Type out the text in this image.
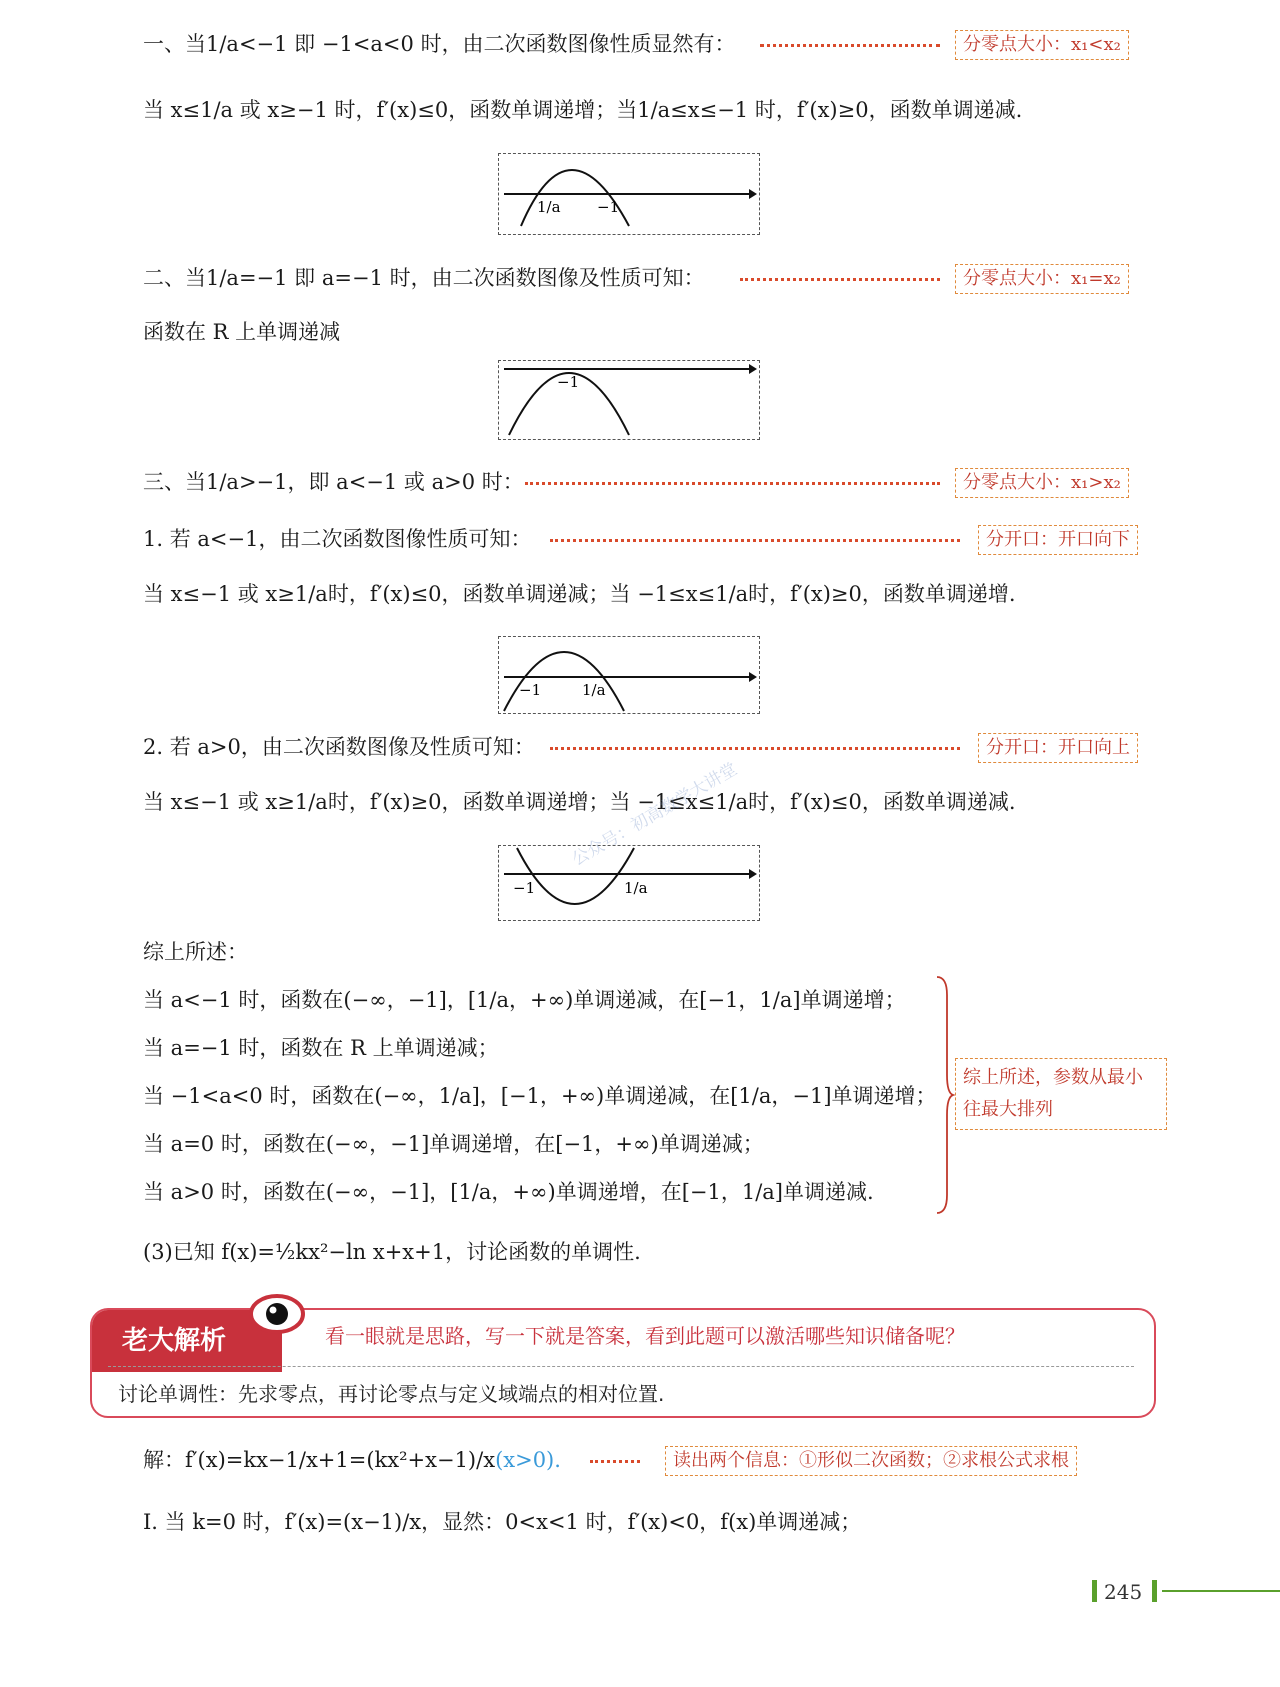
一、当1/a<−1 即 −1<a<0 时，由二次函数图像性质显然有：	分零点大小：x₁<x₂
当 x≤1/a 或 x≥−1 时，f′(x)≤0，函数单调递增；当1/a≤x≤−1 时，f′(x)≥0，函数单调递减.
1/a −1
二、当1/a=−1 即 a=−1 时，由二次函数图像及性质可知：	分零点大小：x₁=x₂
函数在 R 上单调递减
−1
三、当1/a>−1，即 a<−1 或 a>0 时：	分零点大小：x₁>x₂
1. 若 a<−1，由二次函数图像性质可知：	分开口：开口向下
当 x≤−1 或 x≥1/a时，f′(x)≤0，函数单调递减；当 −1≤x≤1/a时，f′(x)≥0，函数单调递增.
−1	1/a
2. 若 a>0，由二次函数图像及性质可知：	分开口：开口向上
当 x≤−1 或 x≥1/a时，f′(x)≥0，函数单调递增；当 −1≤x≤1/a时，f′(x)≤0，函数单调递减.
−1	1/a
公众号：初高数学大讲堂
综上所述：
当 a<−1 时，函数在(−∞，−1]，[1/a，+∞)单调递减，在[−1，1/a]单调递增；
当 a=−1 时，函数在 R 上单调递减；
当 −1<a<0 时，函数在(−∞，1/a]，[−1，+∞)单调递减，在[1/a，−1]单调递增；
当 a=0 时，函数在(−∞，−1]单调递增，在[−1，+∞)单调递减；
当 a>0 时，函数在(−∞，−1]，[1/a，+∞)单调递增，在[−1，1/a]单调递减.
综上所述，参数从最小往最大排列
(3)已知 f(x)=½kx²−ln x+x+1，讨论函数的单调性.
老大解析	看一眼就是思路，写一下就是答案，看到此题可以激活哪些知识储备呢？
讨论单调性：先求零点，再讨论零点与定义域端点的相对位置.
解：f′(x)=kx−1/x+1=(kx²+x−1)/x(x>0).	读出两个信息：①形似二次函数；②求根公式求根
Ⅰ. 当 k=0 时，f′(x)=(x−1)/x，显然：0<x<1 时，f′(x)<0，f(x)单调递减；
245
